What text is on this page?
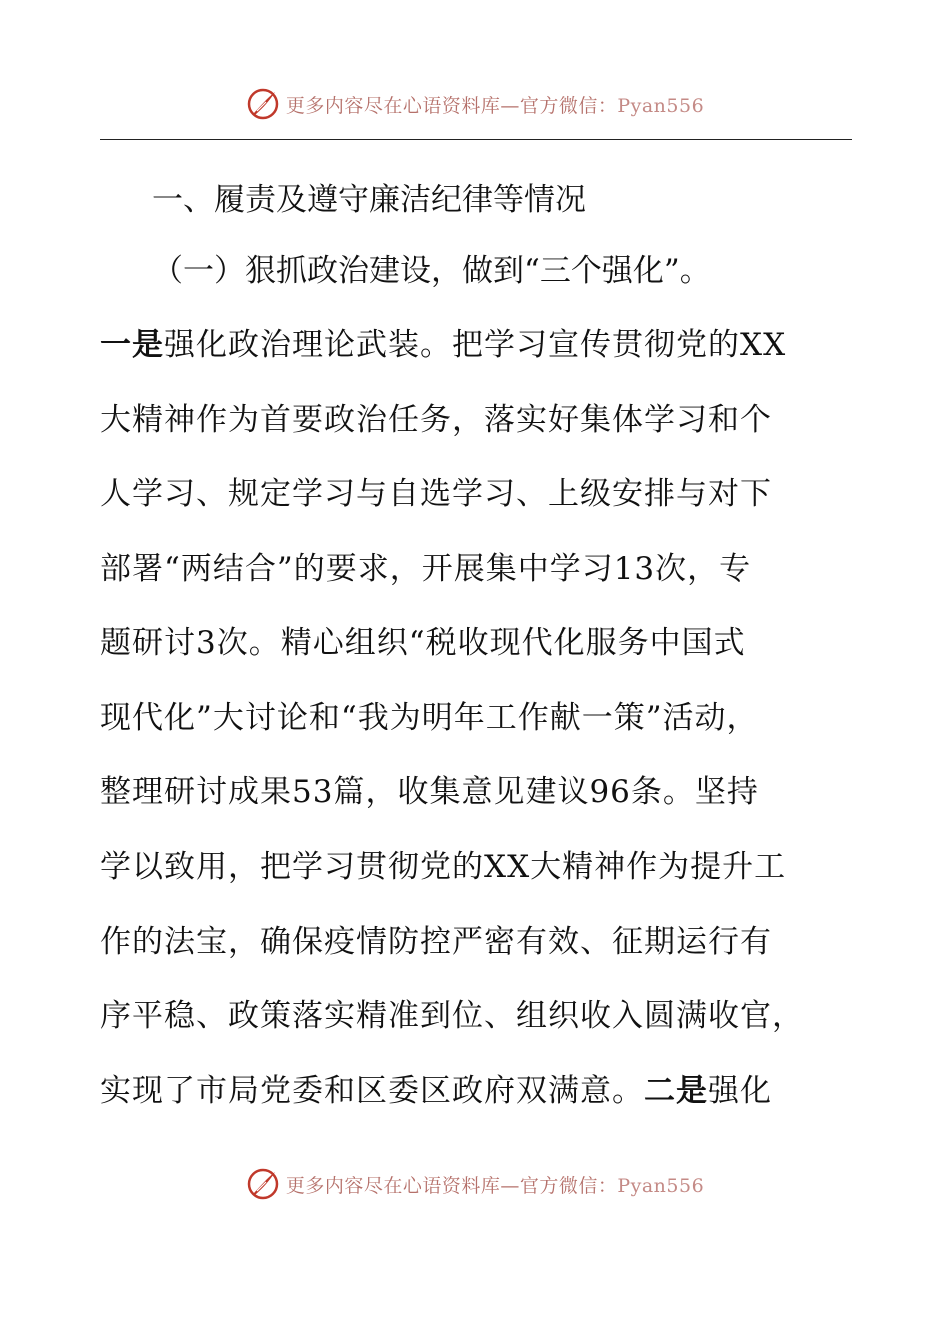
更多内容尽在心语资料库—官方微信：Pyan556
一、履责及遵守廉洁纪律等情况
（一）狠抓政治建设，做到“三个强化”。
一是强化政治理论武装。把学习宣传贯彻党的XX
大精神作为首要政治任务，落实好集体学习和个
人学习、规定学习与自选学习、上级安排与对下
部署“两结合”的要求，开展集中学习13次，专
题研讨3次。精心组织“税收现代化服务中国式
现代化”大讨论和“我为明年工作献一策”活动，
整理研讨成果53篇，收集意见建议96条。坚持
学以致用，把学习贯彻党的XX大精神作为提升工
作的法宝，确保疫情防控严密有效、征期运行有
序平稳、政策落实精准到位、组织收入圆满收官，
实现了市局党委和区委区政府双满意。二是强化
更多内容尽在心语资料库—官方微信：Pyan556
